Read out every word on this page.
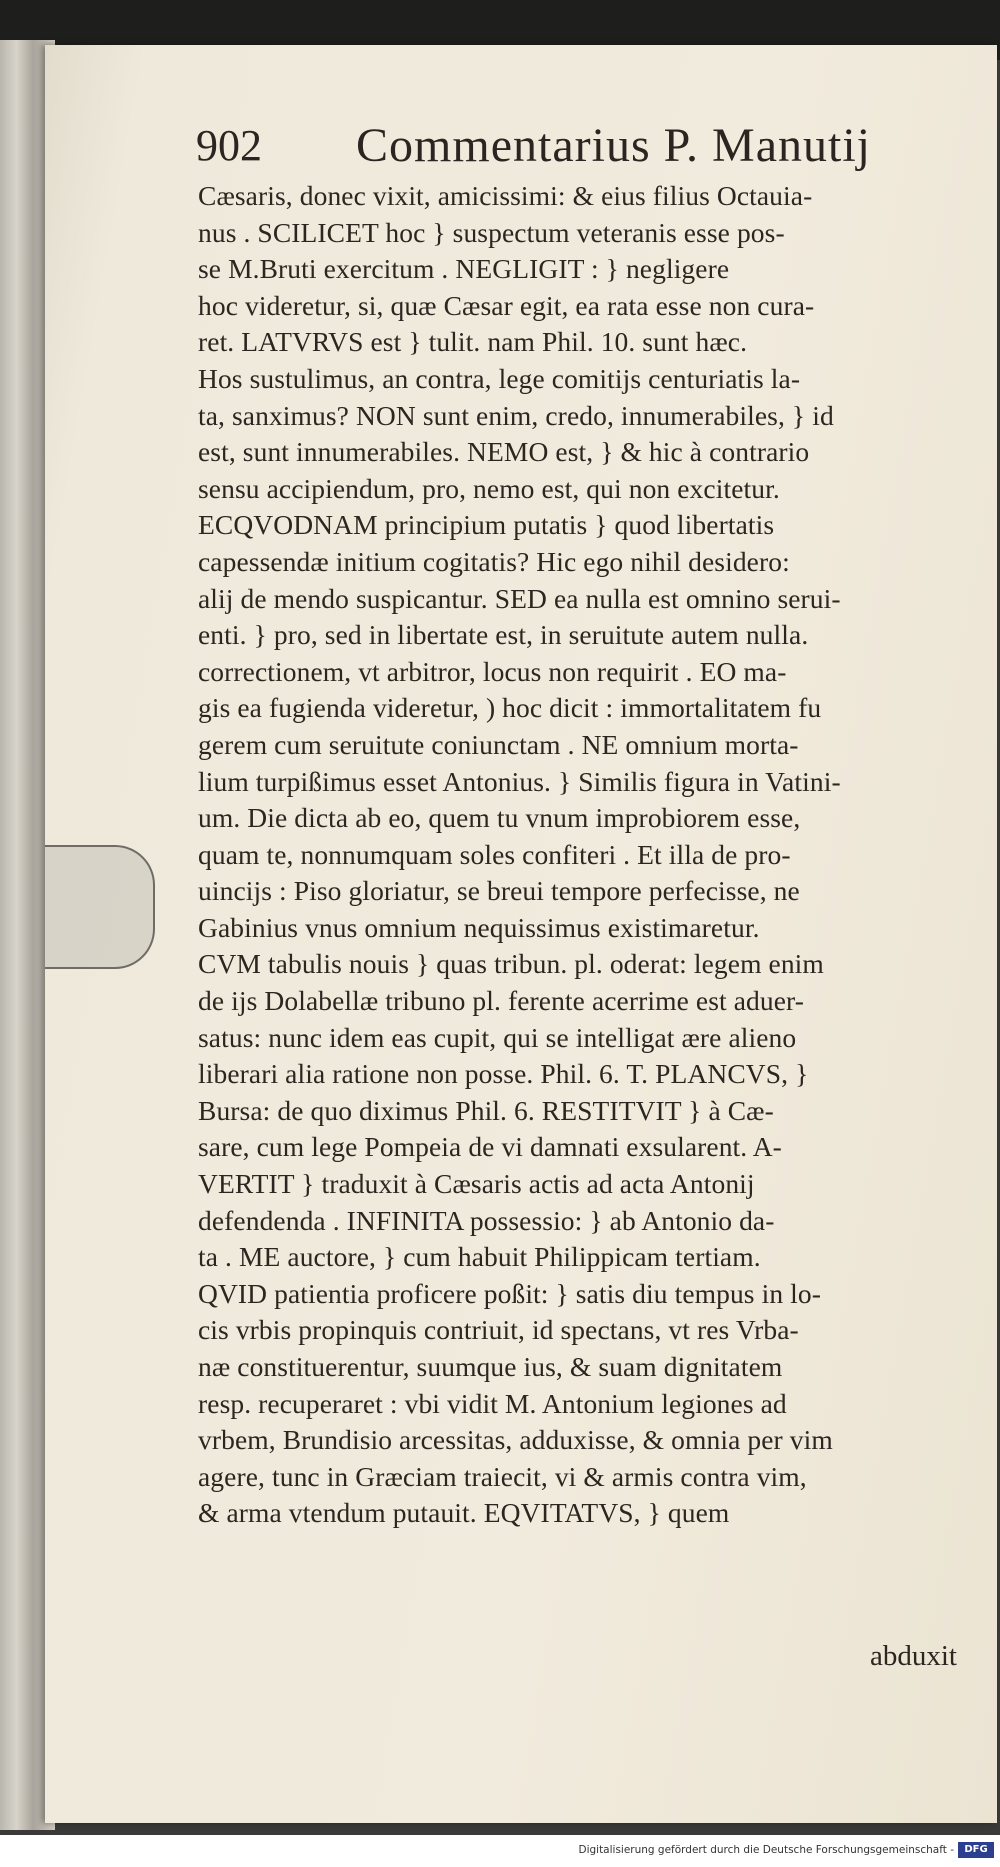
902 Commentarius P. Manutij
Cæsaris, donec vixit, amicissimi: & eius filius Octauia-
nus . SCILICET hoc } suspectum veteranis esse pos-
se M.Bruti exercitum . NEGLIGIT : } negligere
hoc videretur, si, quæ Cæsar egit, ea rata esse non cura-
ret. LATVRVS est } tulit. nam Phil. 10. sunt hæc.
Hos sustulimus, an contra, lege comitijs centuriatis la-
ta, sanximus? NON sunt enim, credo, innumerabiles, } id
est, sunt innumerabiles. NEMO est, } & hic à contrario
sensu accipiendum, pro, nemo est, qui non excitetur.
ECQVODNAM principium putatis } quod libertatis
capessendæ initium cogitatis? Hic ego nihil desidero:
alij de mendo suspicantur. SED ea nulla est omnino serui-
enti. } pro, sed in libertate est, in seruitute autem nulla.
correctionem, vt arbitror, locus non requirit . EO ma-
gis ea fugienda videretur, ) hoc dicit : immortalitatem fu
gerem cum seruitute coniunctam . NE omnium morta-
lium turpißimus esset Antonius. } Similis figura in Vatini-
um. Die dicta ab eo, quem tu vnum improbiorem esse,
quam te, nonnumquam soles confiteri . Et illa de pro-
uincijs : Piso gloriatur, se breui tempore perfecisse, ne
Gabinius vnus omnium nequissimus existimaretur.
CVM tabulis nouis } quas tribun. pl. oderat: legem enim
de ijs Dolabellæ tribuno pl. ferente acerrime est aduer-
satus: nunc idem eas cupit, qui se intelligat ære alieno
liberari alia ratione non posse. Phil. 6. T. PLANCVS, }
Bursa: de quo diximus Phil. 6. RESTITVIT } à Cæ-
sare, cum lege Pompeia de vi damnati exsularent. A-
VERTIT } traduxit à Cæsaris actis ad acta Antonij
defendenda . INFINITA possessio: } ab Antonio da-
ta . ME auctore, } cum habuit Philippicam tertiam.
QVID patientia proficere poßit: } satis diu tempus in lo-
cis vrbis propinquis contriuit, id spectans, vt res Vrba-
næ constituerentur, suumque ius, & suam dignitatem
resp. recuperaret : vbi vidit M. Antonium legiones ad
vrbem, Brundisio arcessitas, adduxisse, & omnia per vim
agere, tunc in Græciam traiecit, vi & armis contra vim,
& arma vtendum putauit. EQVITATVS, } quem
abduxit
Digitalisierung gefördert durch die Deutsche Forschungsgemeinschaft -	DFG
